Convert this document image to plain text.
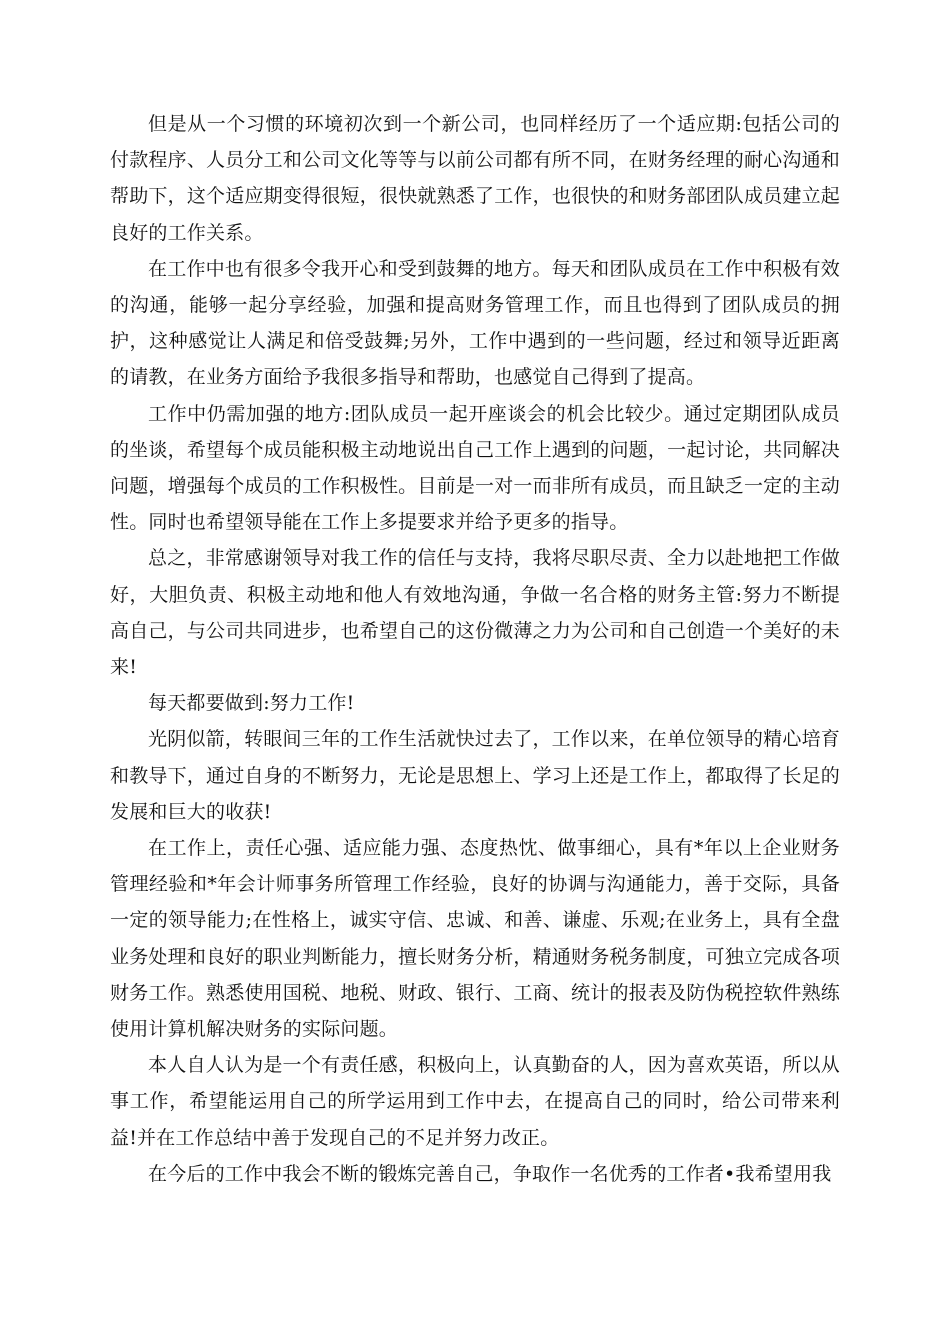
但是从一个习惯的环境初次到一个新公司，也同样经历了一个适应期:包括公司的付款程序、人员分工和公司文化等等与以前公司都有所不同，在财务经理的耐心沟通和帮助下，这个适应期变得很短，很快就熟悉了工作，也很快的和财务部团队成员建立起良好的工作关系。

在工作中也有很多令我开心和受到鼓舞的地方。每天和团队成员在工作中积极有效的沟通，能够一起分享经验，加强和提高财务管理工作，而且也得到了团队成员的拥护，这种感觉让人满足和倍受鼓舞;另外，工作中遇到的一些问题，经过和领导近距离的请教，在业务方面给予我很多指导和帮助，也感觉自己得到了提高。

工作中仍需加强的地方:团队成员一起开座谈会的机会比较少。通过定期团队成员的坐谈，希望每个成员能积极主动地说出自己工作上遇到的问题，一起讨论，共同解决问题，增强每个成员的工作积极性。目前是一对一而非所有成员，而且缺乏一定的主动性。同时也希望领导能在工作上多提要求并给予更多的指导。

总之，非常感谢领导对我工作的信任与支持，我将尽职尽责、全力以赴地把工作做好，大胆负责、积极主动地和他人有效地沟通，争做一名合格的财务主管:努力不断提高自己，与公司共同进步，也希望自己的这份微薄之力为公司和自己创造一个美好的未来!

每天都要做到:努力工作!

光阴似箭，转眼间三年的工作生活就快过去了，工作以来，在单位领导的精心培育和教导下，通过自身的不断努力，无论是思想上、学习上还是工作上，都取得了长足的发展和巨大的收获!

在工作上，责任心强、适应能力强、态度热忱、做事细心，具有*年以上企业财务管理经验和*年会计师事务所管理工作经验，良好的协调与沟通能力，善于交际，具备一定的领导能力;在性格上，诚实守信、忠诚、和善、谦虚、乐观;在业务上，具有全盘业务处理和良好的职业判断能力，擅长财务分析，精通财务税务制度，可独立完成各项财务工作。熟悉使用国税、地税、财政、银行、工商、统计的报表及防伪税控软件熟练使用计算机解决财务的实际问题。

本人自人认为是一个有责任感，积极向上，认真勤奋的人，因为喜欢英语，所以从事工作，希望能运用自己的所学运用到工作中去，在提高自己的同时，给公司带来利益!并在工作总结中善于发现自己的不足并努力改正。

在今后的工作中我会不断的锻炼完善自己，争取作一名优秀的工作者•我希望用我
